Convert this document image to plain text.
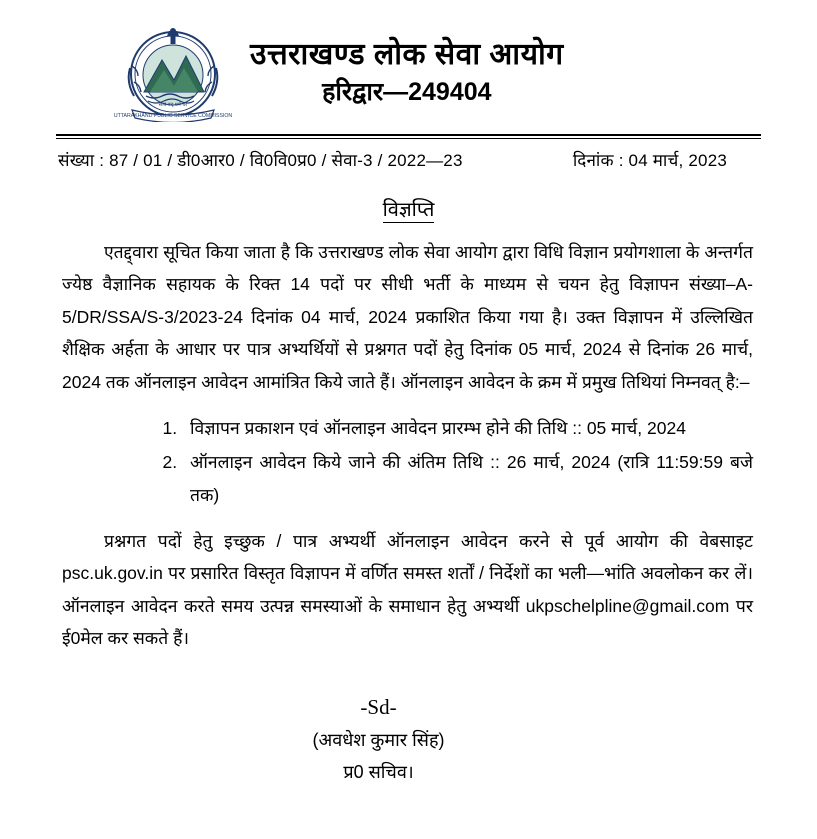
UTTARAKHAND PUBLIC SERVICE COMMISSION
सत्यं वद् धर्मं चर
उत्तराखण्ड लोक सेवा आयोग
हरिद्वार—249404
संख्या : 87 / 01 / डी0आर0 / वि0वि0प्र0 / सेवा-3 / 2022—23	दिनांक : 04 मार्च, 2023
विज्ञप्ति

एतद्द्वारा सूचित किया जाता है कि उत्तराखण्ड लोक सेवा आयोग द्वारा विधि विज्ञान प्रयोगशाला के अन्तर्गत ज्येष्ठ वैज्ञानिक सहायक के रिक्त 14 पदों पर सीधी भर्ती के माध्यम से चयन हेतु विज्ञापन संख्या–A-5/DR/SSA/S-3/2023-24 दिनांक 04 मार्च, 2024 प्रकाशित किया गया है। उक्त विज्ञापन में उल्लिखित शैक्षिक अर्हता के आधार पर पात्र अभ्यर्थियों से प्रश्नगत पदों हेतु दिनांक 05 मार्च, 2024 से दिनांक 26 मार्च, 2024 तक ऑनलाइन आवेदन आमांत्रित किये जाते हैं। ऑनलाइन आवेदन के क्रम में प्रमुख तिथियां निम्नवत् है:–

1. विज्ञापन प्रकाशन एवं ऑनलाइन आवेदन प्रारम्भ होने की तिथि :: 05 मार्च, 2024
2. ऑनलाइन आवेदन किये जाने की अंतिम तिथि :: 26 मार्च, 2024 (रात्रि 11:59:59 बजे तक)

प्रश्नगत पदों हेतु इच्छुक / पात्र अभ्यर्थी ऑनलाइन आवेदन करने से पूर्व आयोग की वेबसाइट psc.uk.gov.in पर प्रसारित विस्तृत विज्ञापन में वर्णित समस्त शर्तों / निर्देशों का भली—भांति अवलोकन कर लें। ऑनलाइन आवेदन करते समय उत्पन्न समस्याओं के समाधान हेतु अभ्यर्थी ukpschelpline@gmail.com पर ई0मेल कर सकते हैं।

-Sd-
(अवधेश कुमार सिंह)
प्र0 सचिव।
